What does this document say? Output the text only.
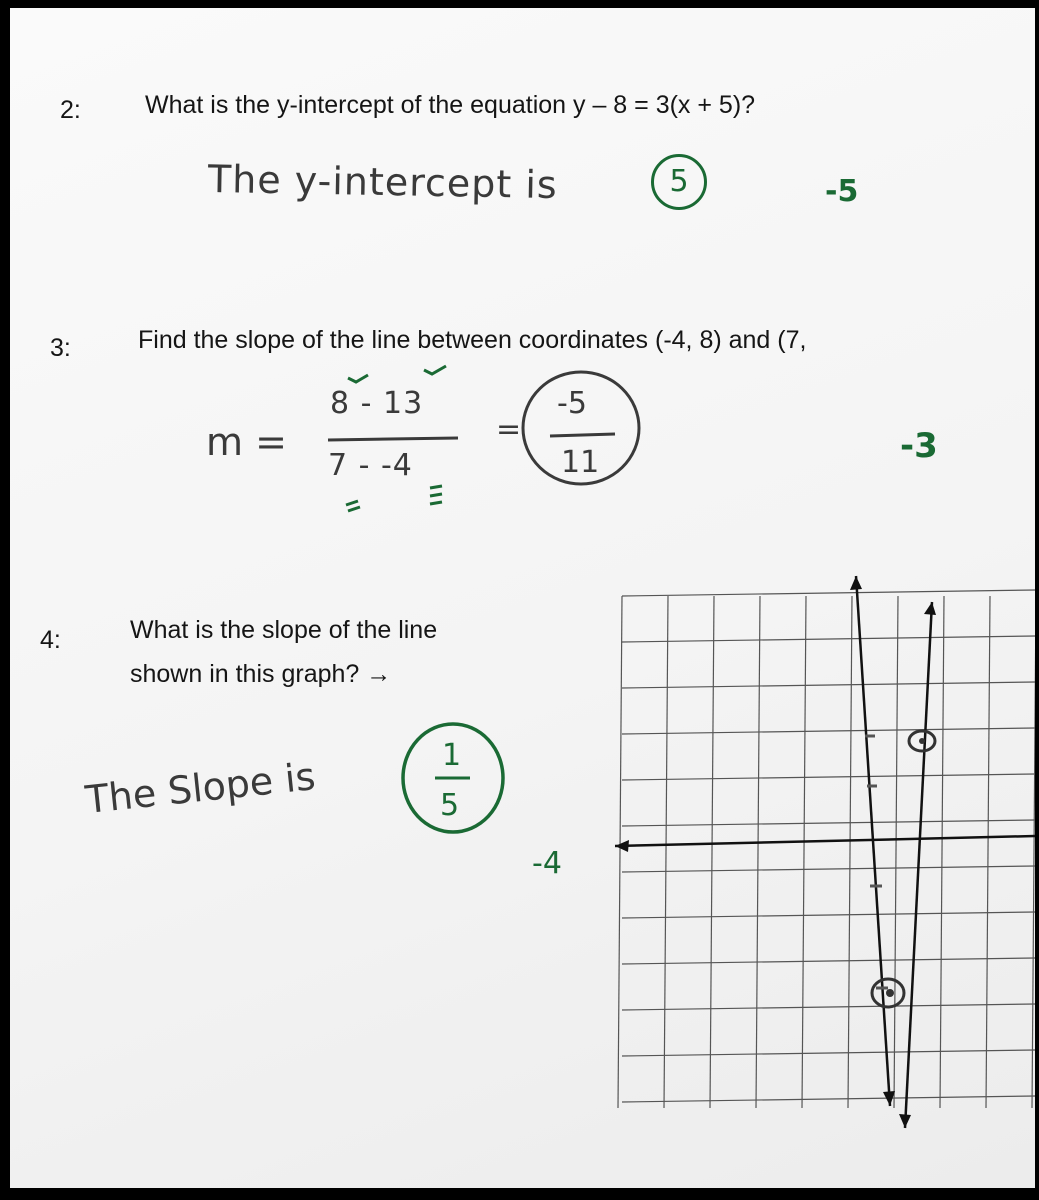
2:	What is the y-intercept of the equation y – 8 = 3(x + 5)?
The y-intercept is	5	-5
3:	Find the slope of the line between coordinates (-4, 8) and (7,
m =
8 - 13
7 - -4
=
-5
11	-3
4:	What is the slope of the line
shown in this graph? →
The Slope is	1
5
-4
